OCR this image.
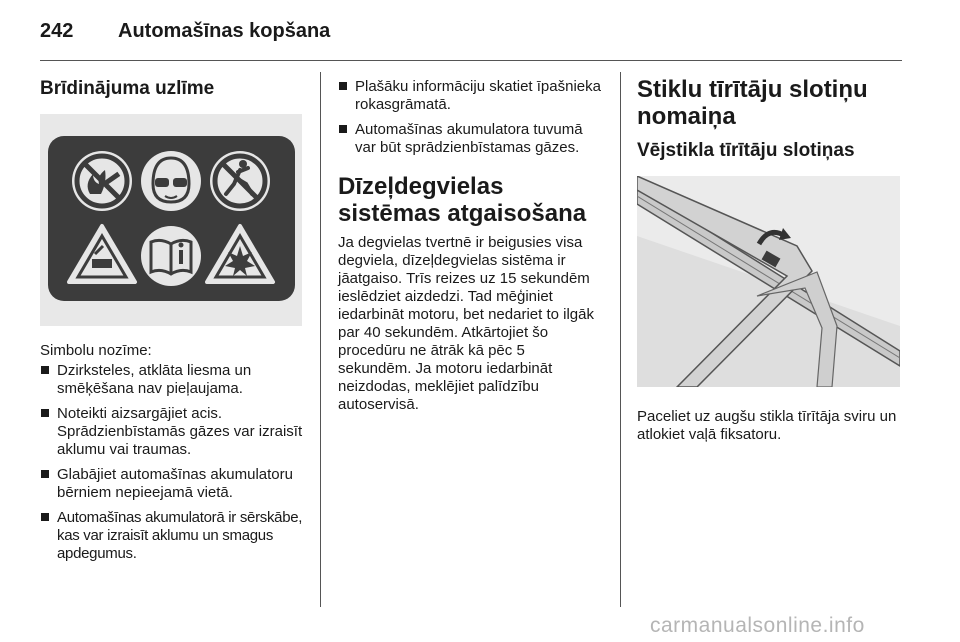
242 Automašīnas kopšana
Brīdinājuma uzlīme

Simbolu nozīme:

Dzirksteles, atklāta liesma un smēķēšana nav pieļaujama.
Noteikti aizsargājiet acis. Sprādzienbīstamās gāzes var izraisīt aklumu vai traumas.
Glabājiet automašīnas akumulatoru bērniem nepieejamā vietā.
Automašīnas akumulatorā ir sērskābe, kas var izraisīt aklumu un smagus apdegumus.
Plašāku informāciju skatiet īpašnieka rokasgrāmatā.
Automašīnas akumulatora tuvumā var būt sprādzienbīstamas gāzes.
Dīzeļdegvielas sistēmas atgaisošana

Ja degvielas tvertnē ir beigusies visa degviela, dīzeļdegvielas sistēma ir jāatgaiso. Trīs reizes uz 15 sekundēm ieslēdziet aizdedzi. Tad mēģiniet iedarbināt motoru, bet nedariet to ilgāk par 40 sekundēm. Atkārtojiet šo procedūru ne ātrāk kā pēc 5 sekundēm. Ja motoru iedarbināt neizdodas, meklējiet palīdzību autoservisā.

Stiklu tīrītāju slotiņu nomaiņa
Vējstikla tīrītāju slotiņas

Paceliet uz augšu stikla tīrītāja sviru un atlokiet vaļā fiksatoru.

carmanualsonline.info
